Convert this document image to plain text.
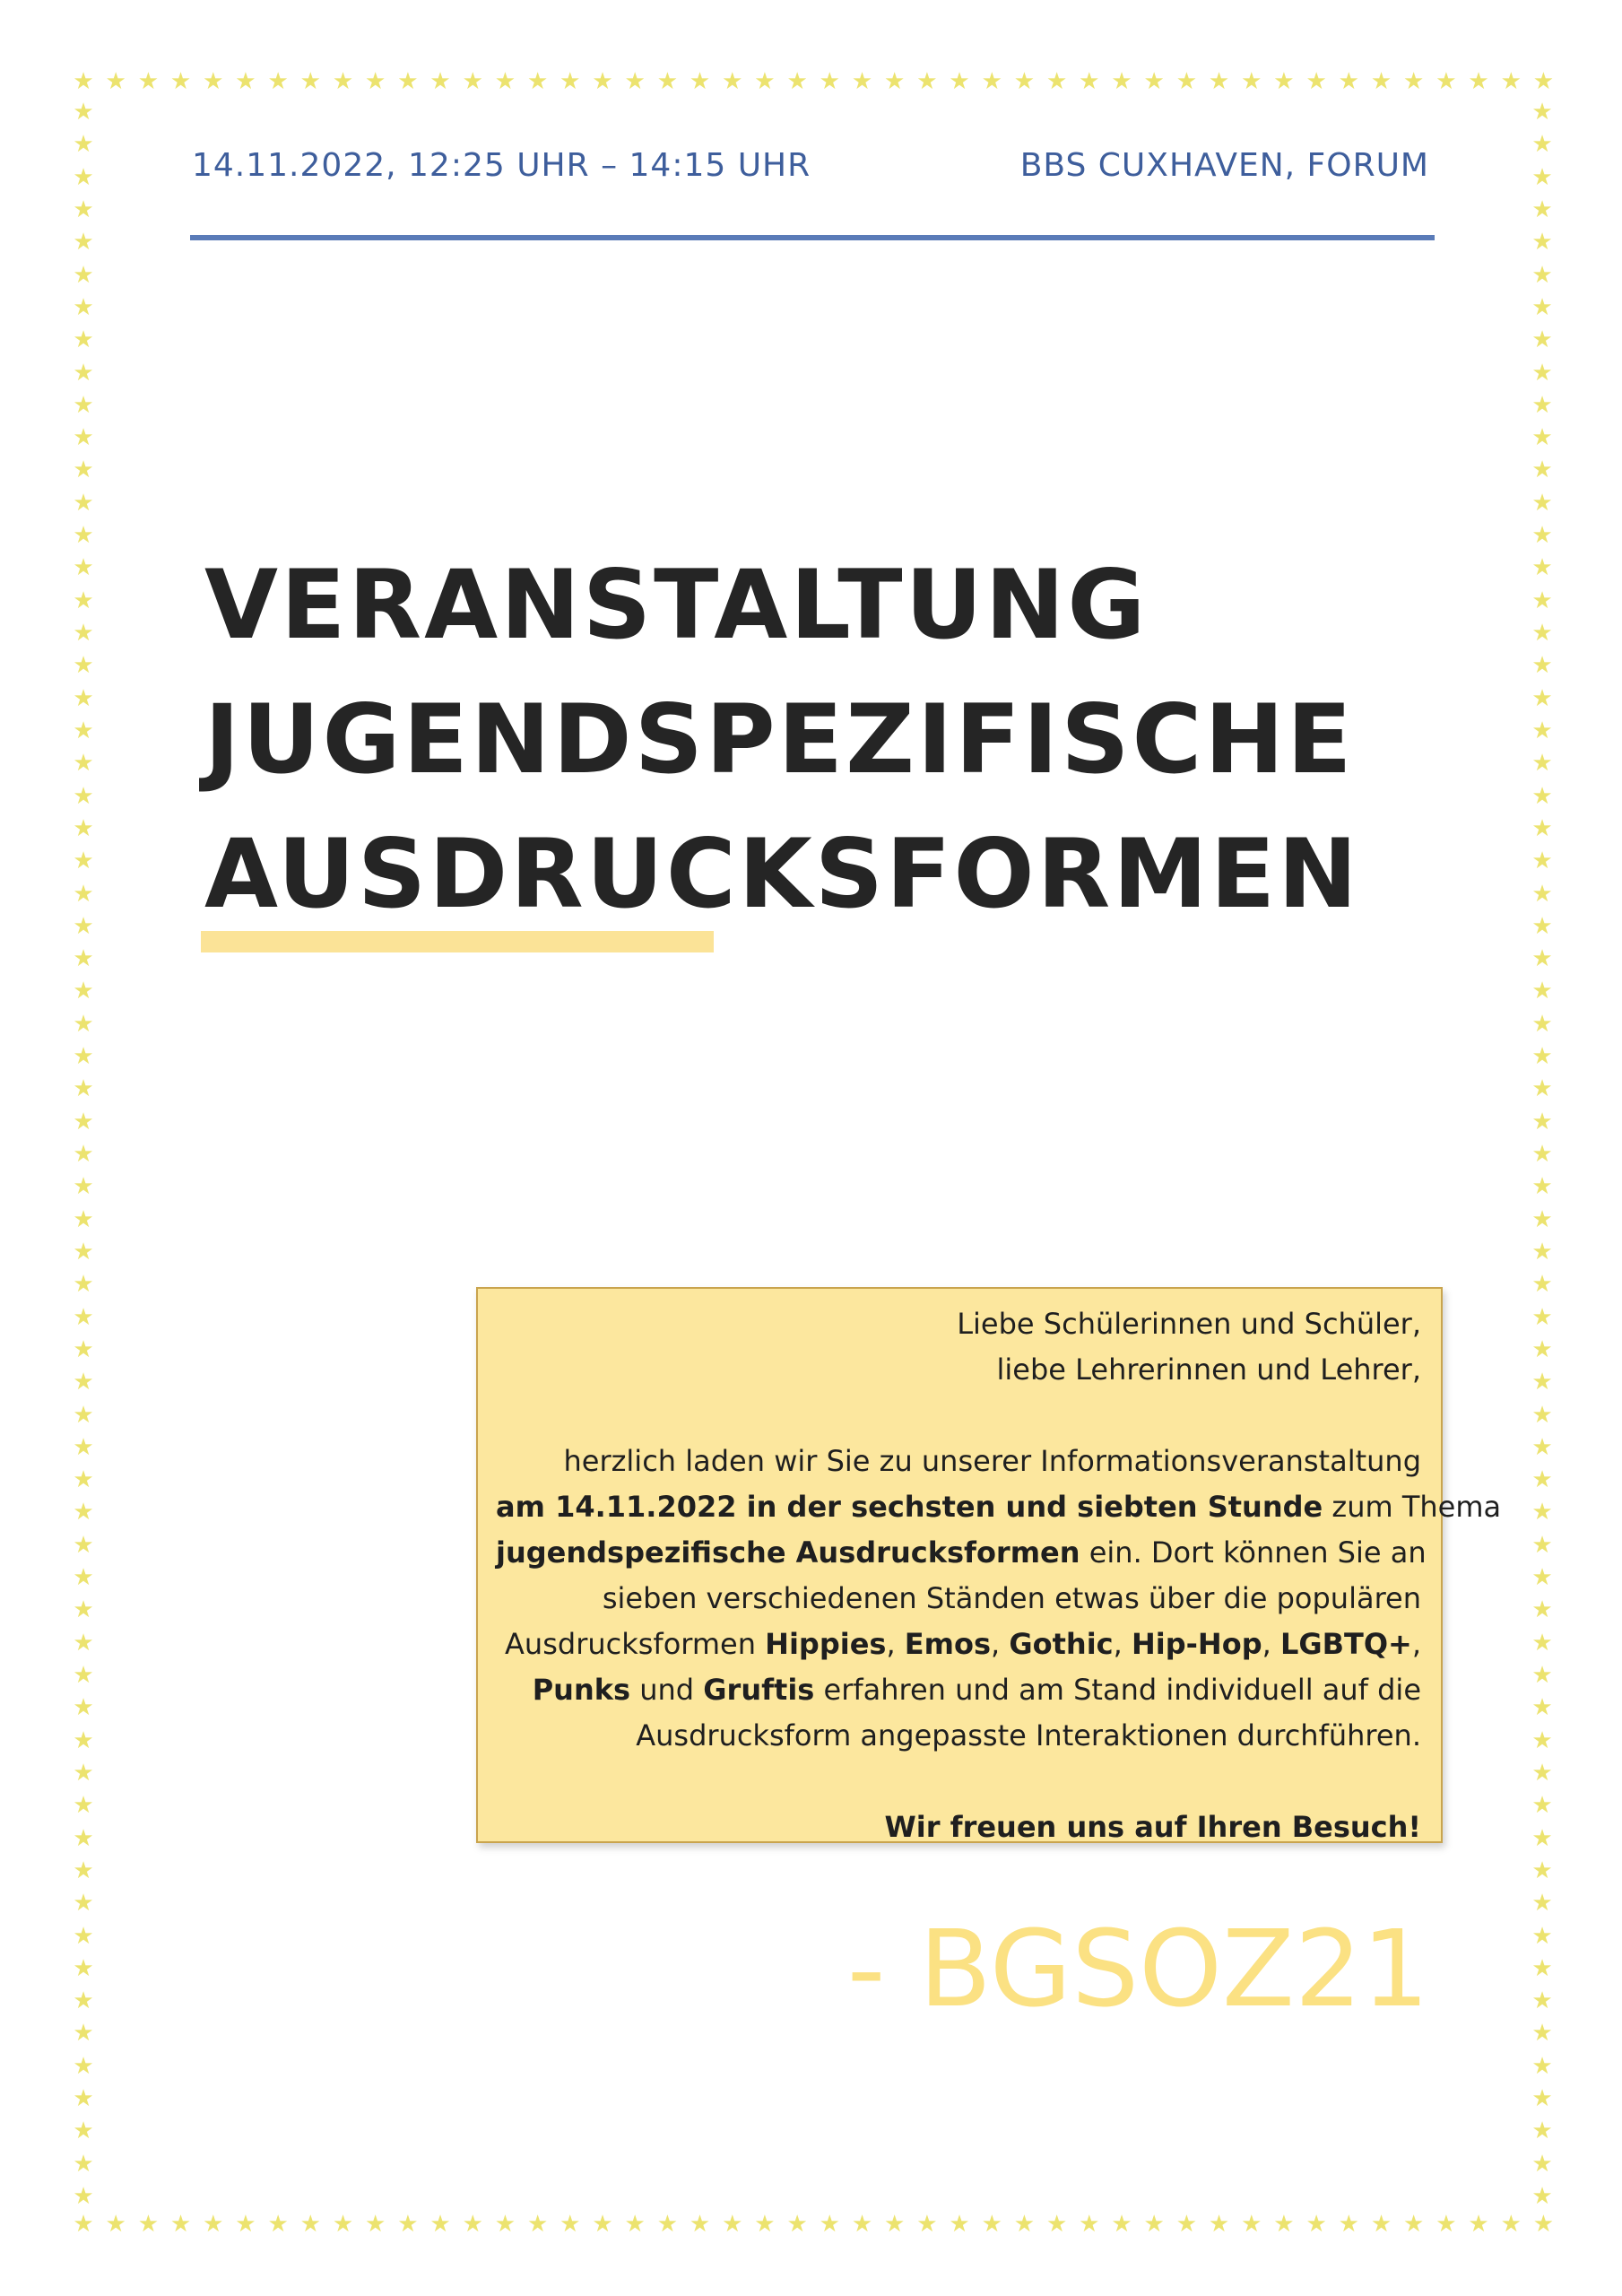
★ ★ ★ ★ ★ ★ ★ ★ ★ ★ ★ ★ ★ ★ ★ ★ ★ ★ ★ ★ ★ ★ ★ ★ ★ ★ ★ ★ ★ ★ ★ ★ ★ ★ ★ ★ ★ ★ ★ ★ ★ ★ ★ ★ ★ ★
★ ★ ★ ★ ★ ★ ★ ★ ★ ★ ★ ★ ★ ★ ★ ★ ★ ★ ★ ★ ★ ★ ★ ★ ★ ★ ★ ★ ★ ★ ★ ★ ★ ★ ★ ★ ★ ★ ★ ★ ★ ★ ★ ★ ★ ★
★
★
★
★
★
★
★
★
★
★
★
★
★
★
★
★
★
★
★
★
★
★
★
★
★
★
★
★
★
★
★
★
★
★
★
★
★
★
★
★
★
★
★
★
★
★
★
★
★
★
★
★
★
★
★
★
★
★
★
★
★
★
★
★
★
★
★
★
★
★
★
★
★
★
★
★
★
★
★
★
★
★
★
★
★
★
★
★
★
★
★
★
★
★
★
★
★
★
★
★
★
★
★
★
★
★
★
★
★
★
★
★
★
★
★
★
★
★
★
★
★
★
★
★
★
★
★
★
★
★
14.11.2022, 12:25 UHR – 14:15 UHR	BBS CUXHAVEN, FORUM
VERANSTALTUNG
JUGENDSPEZIFISCHE
AUSDRUCKSFORMEN
Liebe Schülerinnen und Schüler,
liebe Lehrerinnen und Lehrer,
herzlich laden wir Sie zu unserer Informationsveranstaltung
am 14.11.2022 in der sechsten und siebten Stunde zum Thema
jugendspezifische Ausdrucksformen ein. Dort können Sie an
sieben verschiedenen Ständen etwas über die populären
Ausdrucksformen Hippies, Emos, Gothic, Hip-Hop, LGBTQ+,
Punks und Gruftis erfahren und am Stand individuell auf die
Ausdrucksform angepasste Interaktionen durchführen.
Wir freuen uns auf Ihren Besuch!
- BGSOZ21
